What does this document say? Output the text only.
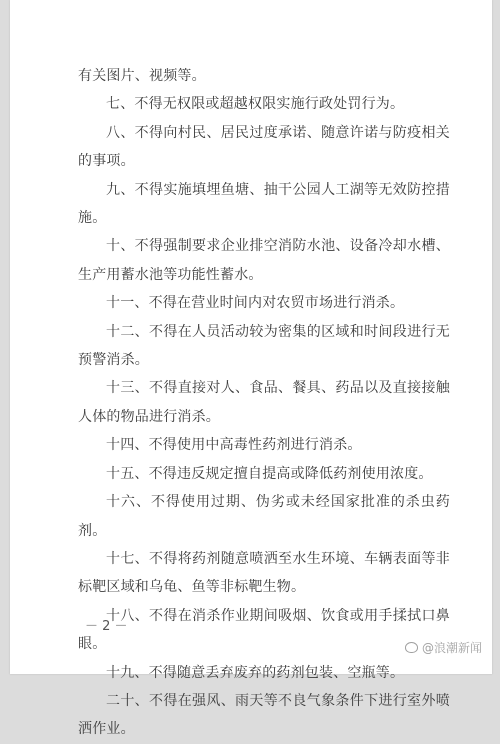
有关图片、视频等。

七、不得无权限或超越权限实施行政处罚行为。

八、不得向村民、居民过度承诺、随意许诺与防疫相关的事项。

九、不得实施填埋鱼塘、抽干公园人工湖等无效防控措施。

十、不得强制要求企业排空消防水池、设备冷却水槽、生产用蓄水池等功能性蓄水。

十一、不得在营业时间内对农贸市场进行消杀。

十二、不得在人员活动较为密集的区域和时间段进行无预警消杀。

十三、不得直接对人、食品、餐具、药品以及直接接触人体的物品进行消杀。

十四、不得使用中高毒性药剂进行消杀。

十五、不得违反规定擅自提高或降低药剂使用浓度。

十六、不得使用过期、伪劣或未经国家批准的杀虫药剂。

十七、不得将药剂随意喷洒至水生环境、车辆表面等非标靶区域和乌龟、鱼等非标靶生物。

十八、不得在消杀作业期间吸烟、饮食或用手揉拭口鼻眼。

十九、不得随意丢弃废弃的药剂包装、空瓶等。

二十、不得在强风、雨天等不良气象条件下进行室外喷洒作业。

－ 2 －
@浪潮新闻
